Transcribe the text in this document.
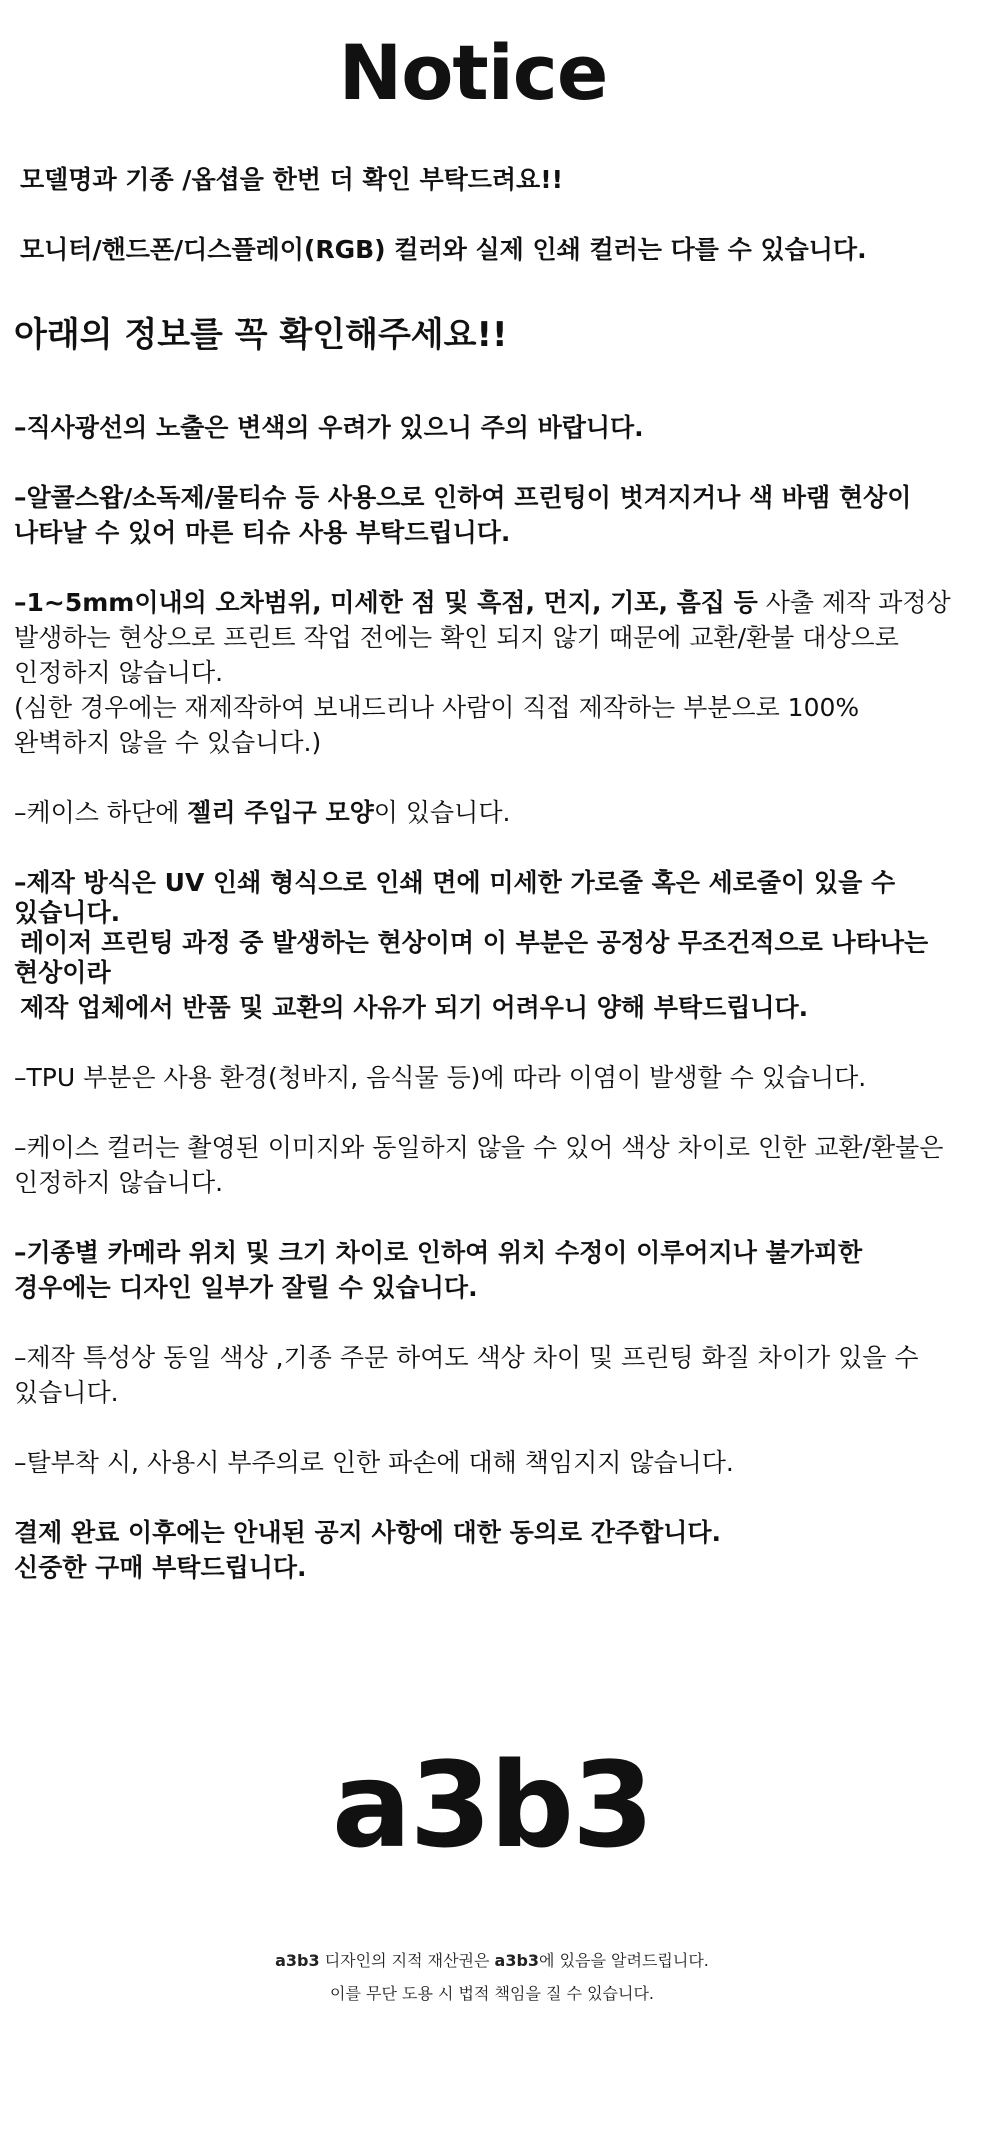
Notice
모델명과 기종 /옵셥을 한번 더 확인 부탁드려요!!
모니터/핸드폰/디스플레이(RGB) 컬러와 실제 인쇄 컬러는 다를 수 있습니다.
아래의 정보를 꼭 확인해주세요!!
–직사광선의 노출은 변색의 우려가 있으니 주의 바랍니다.
–알콜스왑/소독제/물티슈 등 사용으로 인하여 프린팅이 벗겨지거나 색 바램 현상이
나타날 수 있어 마른 티슈 사용 부탁드립니다.
–1~5mm이내의 오차범위, 미세한 점 및 흑점, 먼지, 기포, 흠집 등 사출 제작 과정상
발생하는 현상으로 프린트 작업 전에는 확인 되지 않기 때문에 교환/환불 대상으로
인정하지 않습니다.
(심한 경우에는 재제작하여 보내드리나 사람이 직접 제작하는 부분으로 100%
완벽하지 않을 수 있습니다.)
–케이스 하단에 젤리 주입구 모양이 있습니다.
–제작 방식은 UV 인쇄 형식으로 인쇄 면에 미세한 가로줄 혹은 세로줄이 있을 수
있습니다.
레이저 프린팅 과정 중 발생하는 현상이며 이 부분은 공정상 무조건적으로 나타나는
현상이라
제작 업체에서 반품 및 교환의 사유가 되기 어려우니 양해 부탁드립니다.
–TPU 부분은 사용 환경(청바지, 음식물 등)에 따라 이염이 발생할 수 있습니다.
–케이스 컬러는 촬영된 이미지와 동일하지 않을 수 있어 색상 차이로 인한 교환/환불은
인정하지 않습니다.
–기종별 카메라 위치 및 크기 차이로 인하여 위치 수정이 이루어지나 불가피한
경우에는 디자인 일부가 잘릴 수 있습니다.
–제작 특성상 동일 색상 ,기종 주문 하여도 색상 차이 및 프린팅 화질 차이가 있을 수
있습니다.
–탈부착 시, 사용시 부주의로 인한 파손에 대해 책임지지 않습니다.
결제 완료 이후에는 안내된 공지 사항에 대한 동의로 간주합니다.
신중한 구매 부탁드립니다.
a3b3
a3b3 디자인의 지적 재산권은 a3b3에 있음을 알려드립니다.
이를 무단 도용 시 법적 책임을 질 수 있습니다.
